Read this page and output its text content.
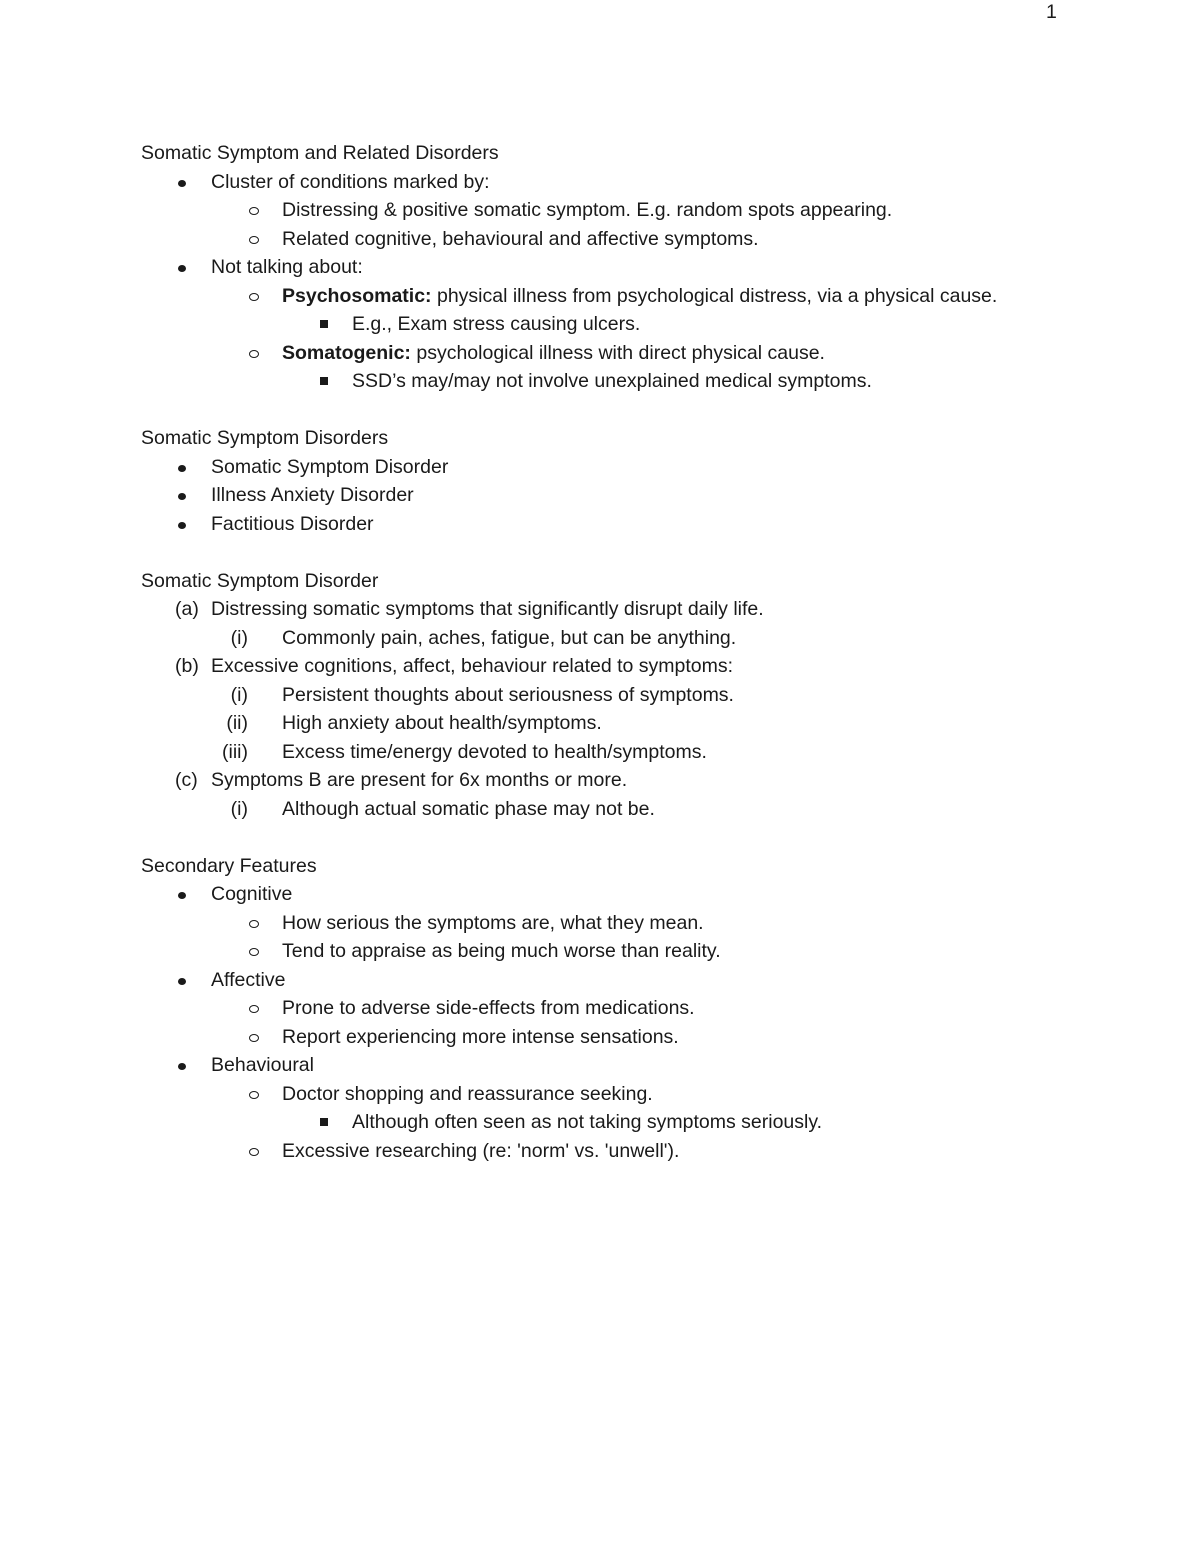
1
Somatic Symptom and Related Disorders
Cluster of conditions marked by:
Distressing & positive somatic symptom. E.g. random spots appearing.
Related cognitive, behavioural and affective symptoms.
Not talking about:
Psychosomatic: physical illness from psychological distress, via a physical cause.
E.g., Exam stress causing ulcers.
Somatogenic: psychological illness with direct physical cause.
SSD’s may/may not involve unexplained medical symptoms.
Somatic Symptom Disorders
Somatic Symptom Disorder
Illness Anxiety Disorder
Factitious Disorder
Somatic Symptom Disorder
(a) Distressing somatic symptoms that significantly disrupt daily life.
(i) Commonly pain, aches, fatigue, but can be anything.
(b) Excessive cognitions, affect, behaviour related to symptoms:
(i) Persistent thoughts about seriousness of symptoms.
(ii) High anxiety about health/symptoms.
(iii) Excess time/energy devoted to health/symptoms.
(c) Symptoms B are present for 6x months or more.
(i) Although actual somatic phase may not be.
Secondary Features
Cognitive
How serious the symptoms are, what they mean.
Tend to appraise as being much worse than reality.
Affective
Prone to adverse side-effects from medications.
Report experiencing more intense sensations.
Behavioural
Doctor shopping and reassurance seeking.
Although often seen as not taking symptoms seriously.
Excessive researching (re: 'norm' vs. 'unwell').
